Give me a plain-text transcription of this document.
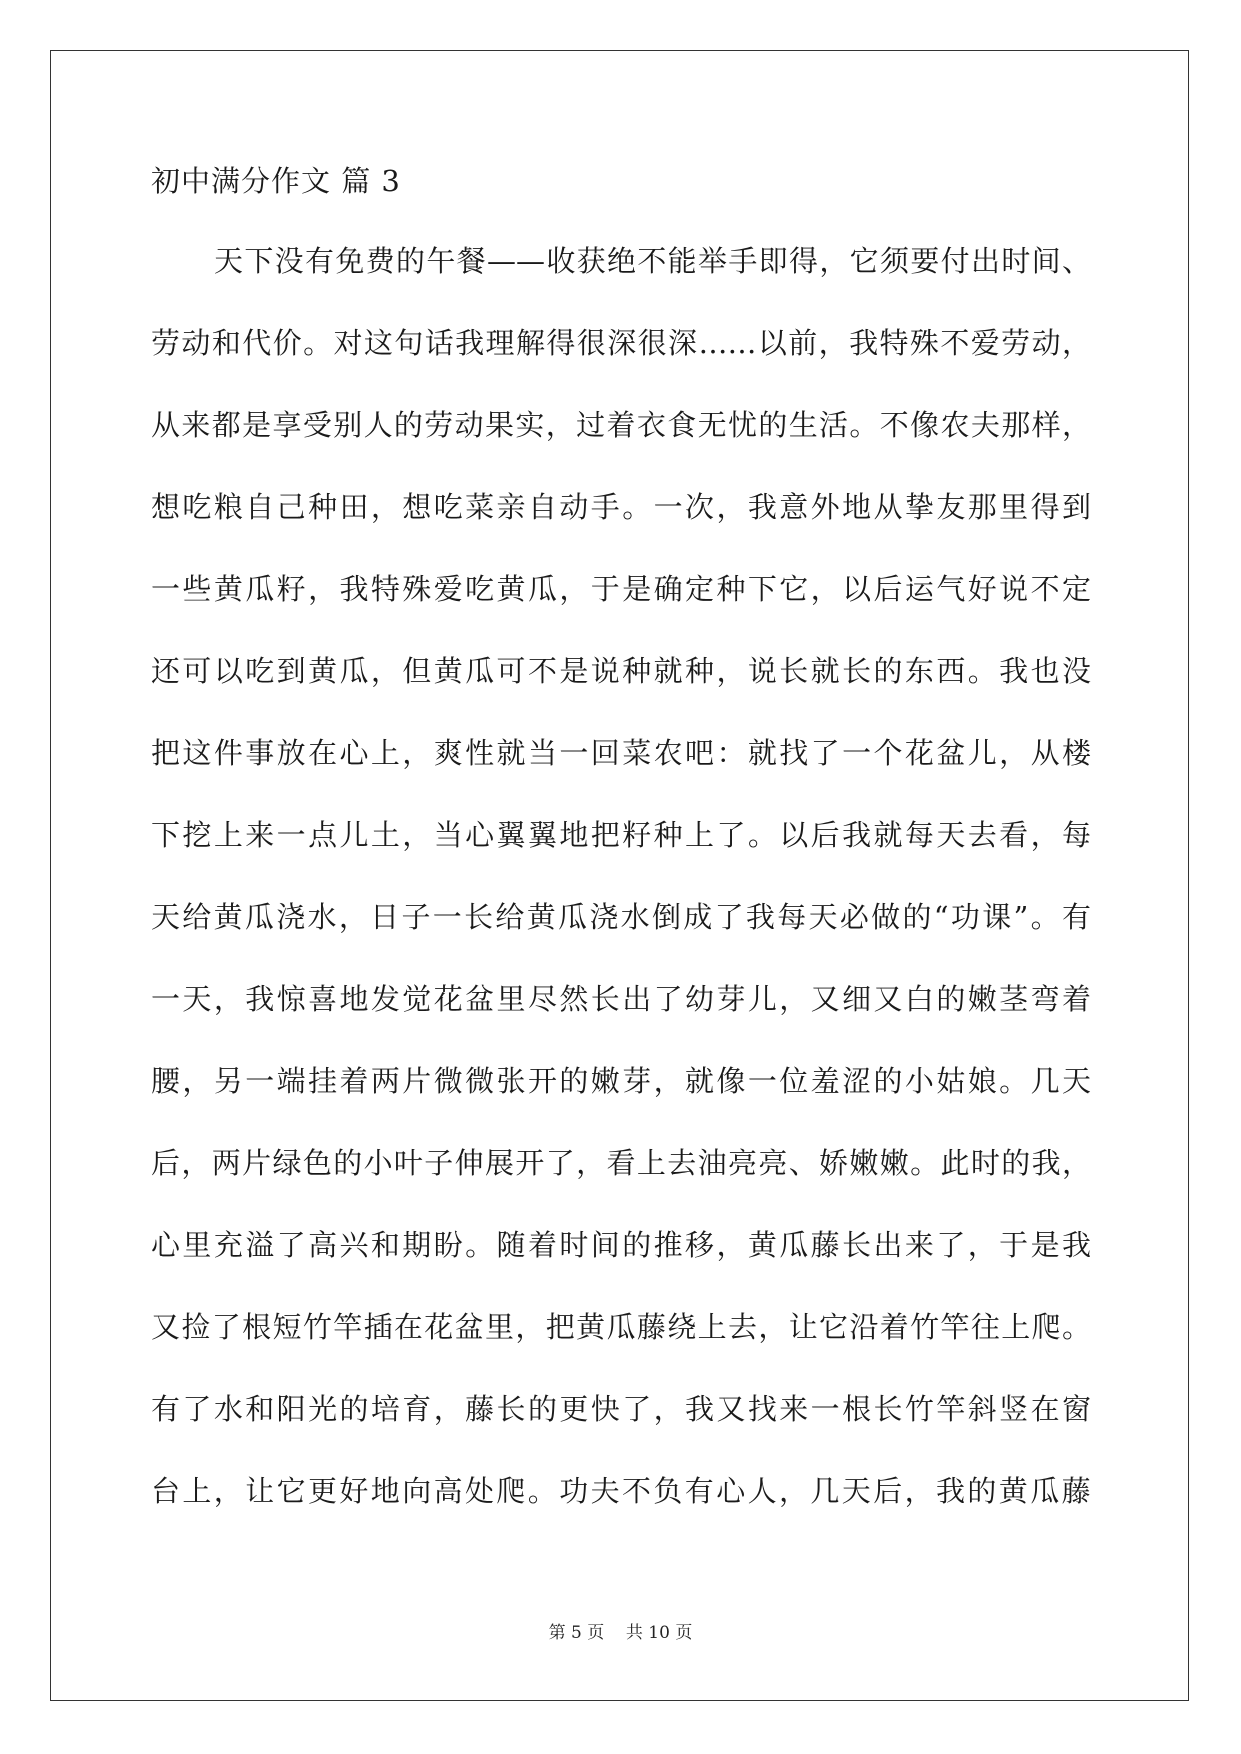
初中满分作文 篇 3
天下没有免费的午餐——收获绝不能举手即得，它须要付出时间、
劳动和代价。对这句话我理解得很深很深……以前，我特殊不爱劳动，
从来都是享受别人的劳动果实，过着衣食无忧的生活。不像农夫那样，
想吃粮自己种田，想吃菜亲自动手。一次，我意外地从挚友那里得到
一些黄瓜籽，我特殊爱吃黄瓜，于是确定种下它，以后运气好说不定
还可以吃到黄瓜，但黄瓜可不是说种就种，说长就长的东西。我也没
把这件事放在心上，爽性就当一回菜农吧：就找了一个花盆儿，从楼
下挖上来一点儿土，当心翼翼地把籽种上了。以后我就每天去看，每
天给黄瓜浇水，日子一长给黄瓜浇水倒成了我每天必做的“功课”。有
一天，我惊喜地发觉花盆里尽然长出了幼芽儿，又细又白的嫩茎弯着
腰，另一端挂着两片微微张开的嫩芽，就像一位羞涩的小姑娘。几天
后，两片绿色的小叶子伸展开了，看上去油亮亮、娇嫩嫩。此时的我，
心里充溢了高兴和期盼。随着时间的推移，黄瓜藤长出来了，于是我
又捡了根短竹竿插在花盆里，把黄瓜藤绕上去，让它沿着竹竿往上爬。
有了水和阳光的培育，藤长的更快了，我又找来一根长竹竿斜竖在窗
台上，让它更好地向高处爬。功夫不负有心人，几天后，我的黄瓜藤
第 5 页    共 10 页
